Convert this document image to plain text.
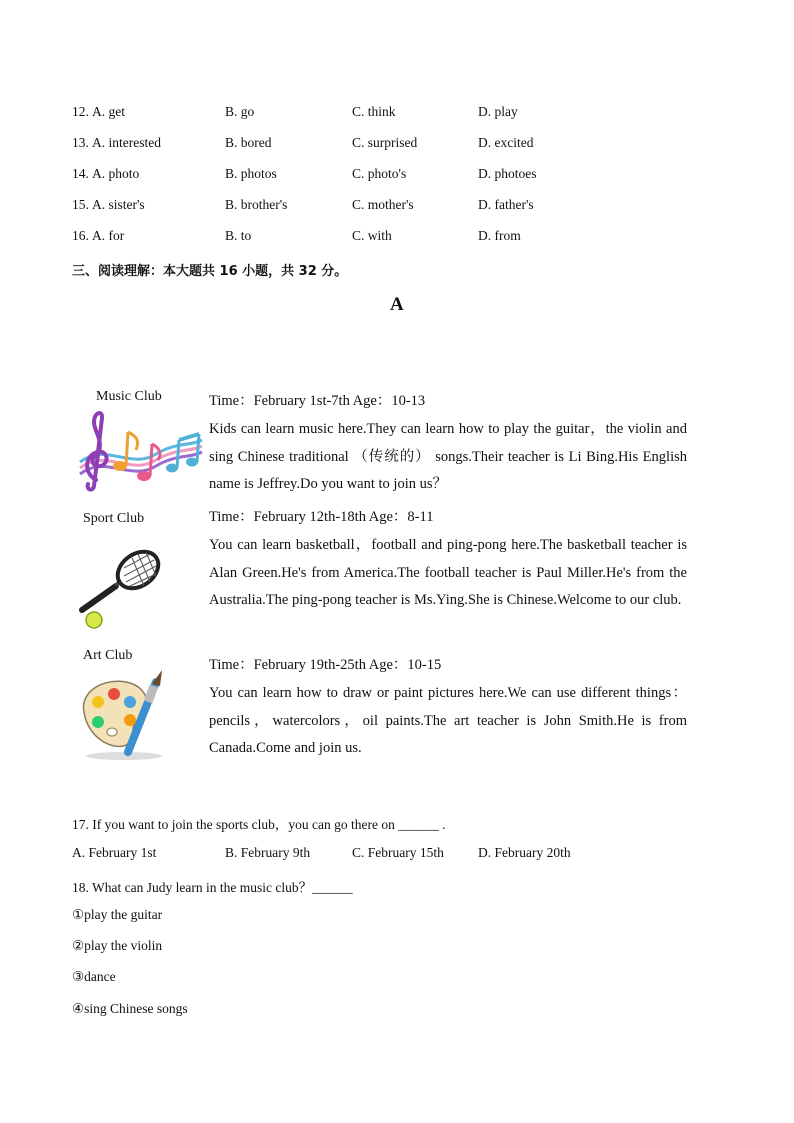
12. A. get	B. go	C. think	D. play
13. A. interested	B. bored	C. surprised	D. excited
14. A. photo	B. photos	C. photo's	D. photoes
15. A. sister's	B. brother's	C. mother's	D. father's
16. A. for	B. to	C. with	D. from
三、阅读理解：本大题共 16 小题，共 32 分。
A
Music Club	Time：February 1st-7th Age：10-13

Kids can learn music here.They can learn how to play the guitar，the violin and sing Chinese traditional （传统的） songs.Their teacher is Li Bing.His English name is Jeffrey.Do you want to join us？

Sport Club	Time：February 12th-18th Age：8-11

You can learn basketball，football and ping-pong here.The basketball teacher is Alan Green.He's from America.The football teacher is Paul Miller.He's from the Australia.The ping-pong teacher is Ms.Ying.She is Chinese.Welcome to our club.

Art Club

Time：February 19th-25th Age：10-15

You can learn how to draw or paint pictures here.We can use different things：pencils，watercolors，oil paints.The art teacher is John Smith.He is from Canada.Come and join us.

17. If you want to join the sports club，you can go there on ______ .
A. February 1st	B. February 9th	C. February 15th	D. February 20th
18. What can Judy learn in the music club？______
①play the guitar
②play the violin
③dance
④sing Chinese songs
